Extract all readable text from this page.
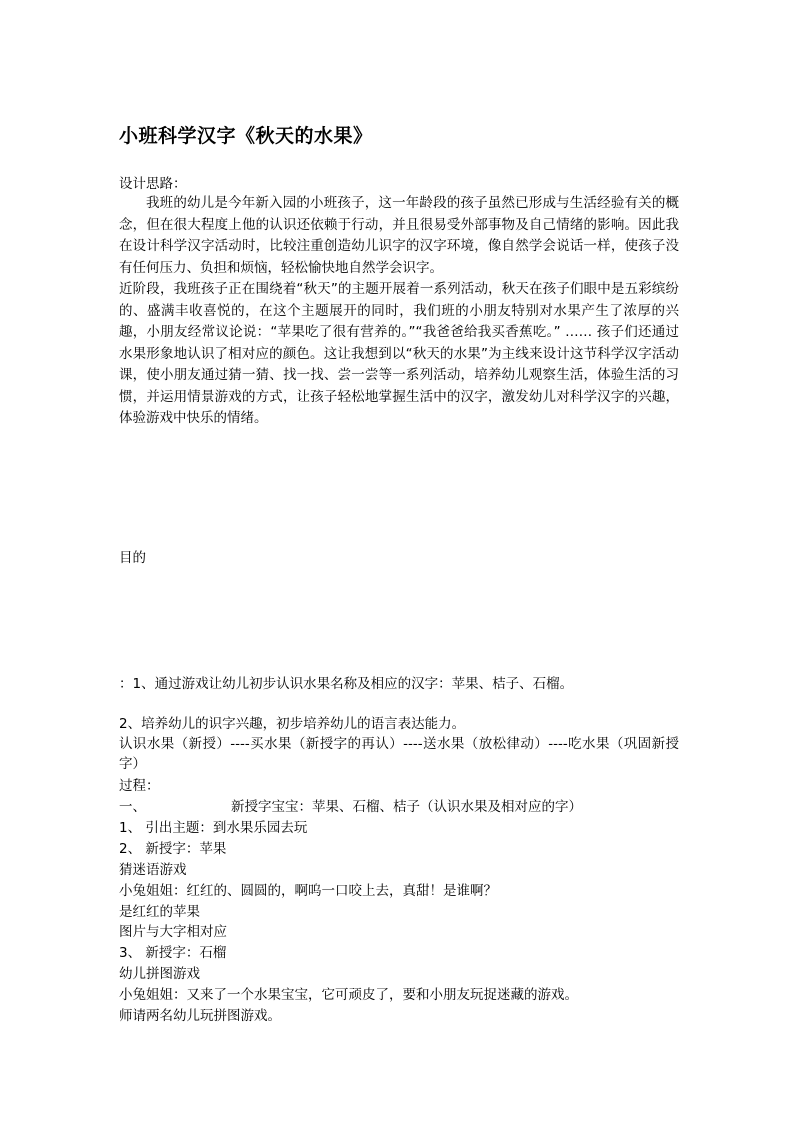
小班科学汉字《秋天的水果》
设计思路：
我班的幼儿是今年新入园的小班孩子，这一年龄段的孩子虽然已形成与生活经验有关的概念，但在很大程度上他的认识还依赖于行动，并且很易受外部事物及自己情绪的影响。因此我在设计科学汉字活动时，比较注重创造幼儿识字的汉字环境，像自然学会说话一样，使孩子没有任何压力、负担和烦恼，轻松愉快地自然学会识字。
近阶段，我班孩子正在围绕着“秋天”的主题开展着一系列活动，秋天在孩子们眼中是五彩缤纷的、盛满丰收喜悦的，在这个主题展开的同时，我们班的小朋友特别对水果产生了浓厚的兴趣，小朋友经常议论说：“苹果吃了很有营养的。”“我爸爸给我买香蕉吃。” …… 孩子们还通过水果形象地认识了相对应的颜色。这让我想到以“秋天的水果”为主线来设计这节科学汉字活动课，使小朋友通过猜一猜、找一找、尝一尝等一系列活动，培养幼儿观察生活，体验生活的习惯，并运用情景游戏的方式，让孩子轻松地掌握生活中的汉字，激发幼儿对科学汉字的兴趣，体验游戏中快乐的情绪。
目的
：1、通过游戏让幼儿初步认识水果名称及相应的汉字：苹果、桔子、石榴。
2、培养幼儿的识字兴趣，初步培养幼儿的语言表达能力。
认识水果（新授）----买水果（新授字的再认）----送水果（放松律动）----吃水果（巩固新授字）
过程：
一、	新授字宝宝：苹果、石榴、桔子（认识水果及相对应的字）
1、 引出主题：到水果乐园去玩
2、 新授字：苹果
猜迷语游戏
小兔姐姐：红红的、圆圆的，啊呜一口咬上去，真甜！是谁啊？
是红红的苹果
图片与大字相对应
3、 新授字：石榴
幼儿拼图游戏
小兔姐姐：又来了一个水果宝宝，它可顽皮了，要和小朋友玩捉迷藏的游戏。
师请两名幼儿玩拼图游戏。
